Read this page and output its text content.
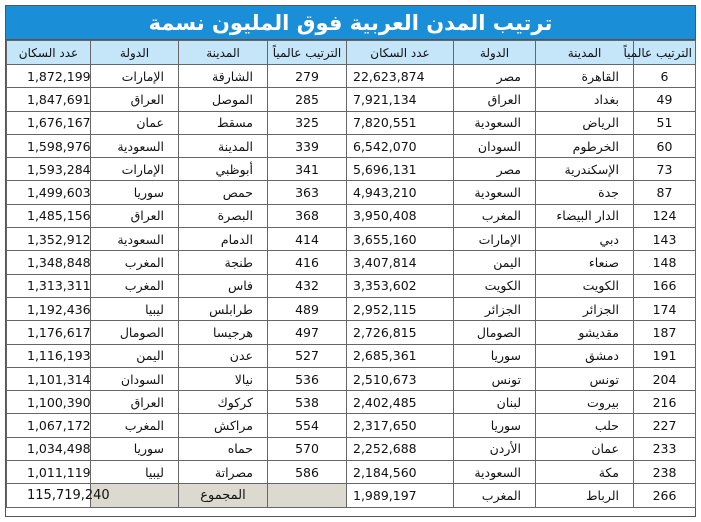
ترتيب المدن العربية فوق المليون نسمة
الترتيب عالمياً	المدينة	الدولة	عدد السكان	الترتيب عالمياً	المدينة	الدولة	عدد السكان
6	القاهرة	مصر	22,623,874	279	الشارقة	الإمارات	1,872,199
49	بغداد	العراق	7,921,134	285	الموصل	العراق	1,847,691
51	الرياض	السعودية	7,820,551	325	مسقط	عمان	1,676,167
60	الخرطوم	السودان	6,542,070	339	المدينة	السعودية	1,598,976
73	الإسكندرية	مصر	5,696,131	341	أبوظبي	الإمارات	1,593,284
87	جدة	السعودية	4,943,210	363	حمص	سوريا	1,499,603
124	الدار البيضاء	المغرب	3,950,408	368	البصرة	العراق	1,485,156
143	دبي	الإمارات	3,655,160	414	الدمام	السعودية	1,352,912
148	صنعاء	اليمن	3,407,814	416	طنجة	المغرب	1,348,848
166	الكويت	الكويت	3,353,602	432	فاس	المغرب	1,313,311
174	الجزائر	الجزائر	2,952,115	489	طرابلس	ليبيا	1,192,436
187	مقديشو	الصومال	2,726,815	497	هرجيسا	الصومال	1,176,617
191	دمشق	سوريا	2,685,361	527	عدن	اليمن	1,116,193
204	تونس	تونس	2,510,673	536	نيالا	السودان	1,101,314
216	بيروت	لبنان	2,402,485	538	كركوك	العراق	1,100,390
227	حلب	سوريا	2,317,650	554	مراكش	المغرب	1,067,172
233	عمان	الأردن	2,252,688	570	حماه	سوريا	1,034,498
238	مكة	السعودية	2,184,560	586	مصراتة	ليبيا	1,011,119
266	الرباط	المغرب	1,989,197		المجموع		115,719,240
